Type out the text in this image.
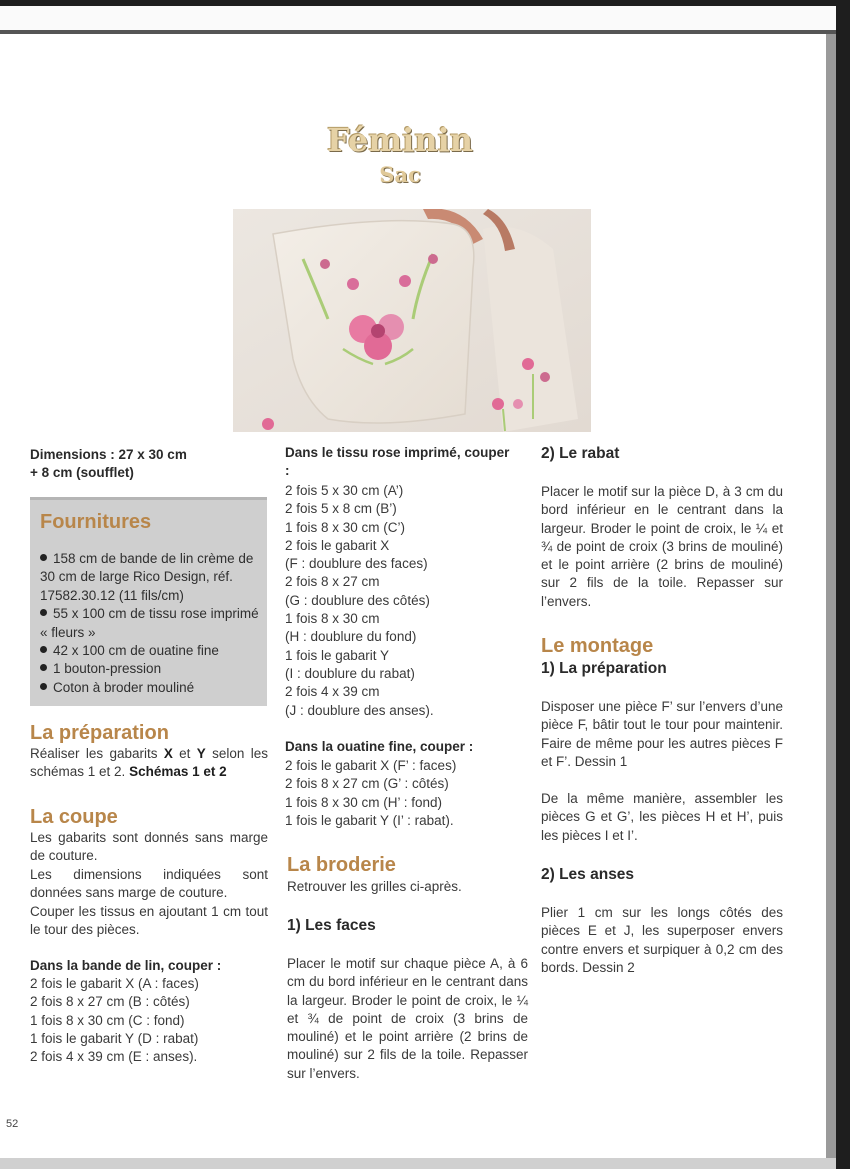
Féminin
Sac
Dimensions : 27 x 30 cm
+ 8 cm (soufflet)
Fournitures
158 cm de bande de lin crème de 30 cm de large Rico Design, réf. 17582.30.12 (11 fils/cm)
55 x 100 cm de tissu rose imprimé « fleurs »
42 x 100 cm de ouatine fine
1 bouton-pression
Coton à broder mouliné
La préparation

Réaliser les gabarits X et Y selon les schémas 1 et 2. Schémas 1 et 2

La coupe

Les gabarits sont donnés sans marge de couture.

Les dimensions indiquées sont données sans marge de couture.

Couper les tissus en ajoutant 1 cm tout le tour des pièces.

Dans la bande de lin, couper :
2 fois le gabarit X (A : faces)
2 fois 8 x 27 cm (B : côtés)
1 fois 8 x 30 cm (C : fond)
1 fois le gabarit Y (D : rabat)
2 fois 4 x 39 cm (E : anses).
Dans le tissu rose imprimé, couper :
2 fois 5 x 30 cm (A’)
2 fois 5 x 8 cm (B’)
1 fois 8 x 30 cm (C’)
2 fois le gabarit X
(F : doublure des faces)
2 fois 8 x 27 cm
(G : doublure des côtés)
1 fois 8 x 30 cm
(H : doublure du fond)
1 fois le gabarit Y
(I : doublure du rabat)
2 fois 4 x 39 cm
(J : doublure des anses).
Dans la ouatine fine, couper :
2 fois le gabarit X (F’ : faces)
2 fois 8 x 27 cm (G’ : côtés)
1 fois 8 x 30 cm (H’ : fond)
1 fois le gabarit Y (I’ : rabat).
La broderie

Retrouver les grilles ci-après.

1) Les faces

Placer le motif sur chaque pièce A, à 6 cm du bord inférieur en le centrant dans la largeur. Broder le point de croix, le ¼ et ¾ de point de croix (3 brins de mouliné) et le point arrière (2 brins de mouliné) sur 2 fils de la toile. Repasser sur l’envers.

2) Le rabat

Placer le motif sur la pièce D, à 3 cm du bord inférieur en le centrant dans la largeur. Broder le point de croix, le ¼ et ¾ de point de croix (3 brins de mouliné) et le point arrière (2 brins de mouliné) sur 2 fils de la toile. Repasser sur l’envers.

Le montage
1) La préparation

Disposer une pièce F’ sur l’envers d’une pièce F, bâtir tout le tour pour maintenir. Faire de même pour les autres pièces F et F’. Dessin 1

De la même manière, assembler les pièces G et G’, les pièces H et H’, puis les pièces I et I’.

2) Les anses

Plier 1 cm sur les longs côtés des pièces E et J, les superposer envers contre envers et surpiquer à 0,2 cm des bords. Dessin 2

52
